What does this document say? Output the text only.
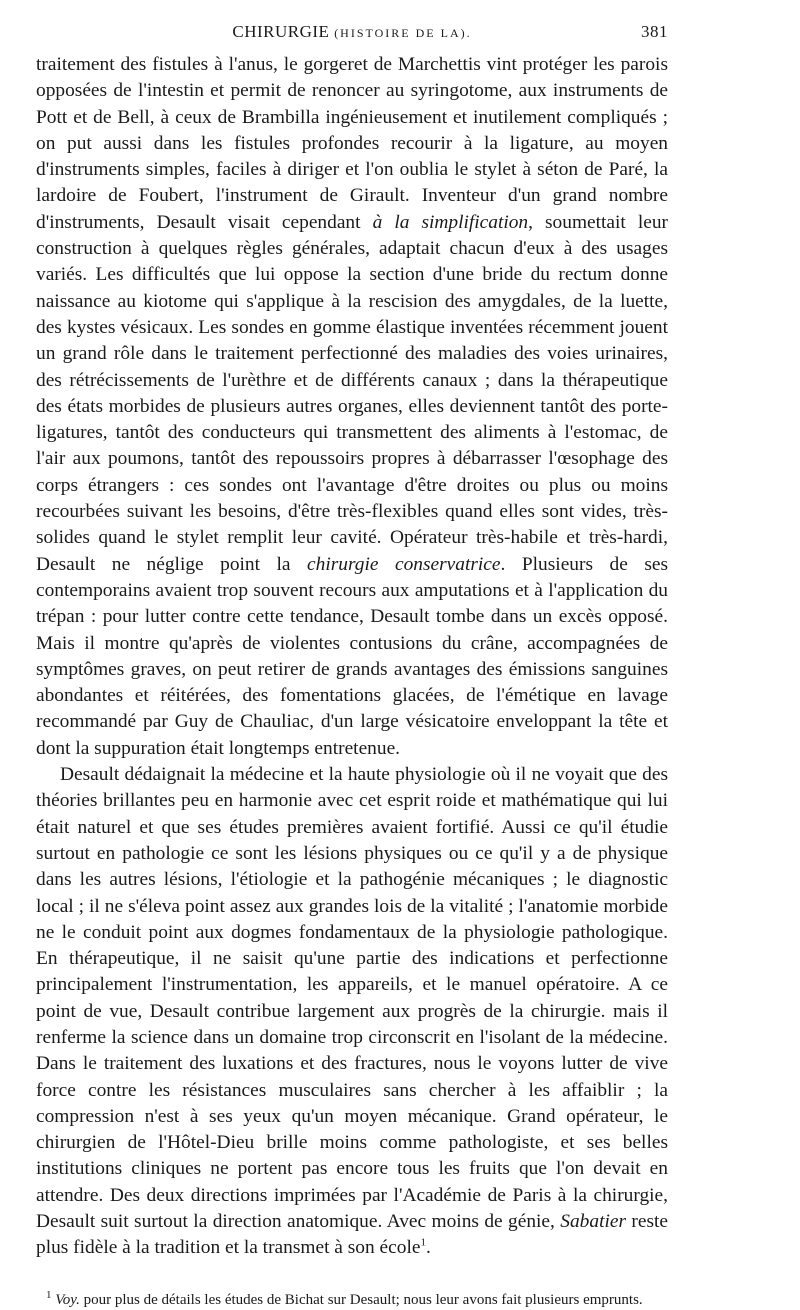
CHIRURGIE (HISTOIRE DE LA).	381

traitement des fistules à l'anus, le gorgeret de Marchettis vint protéger les parois opposées de l'intestin et permit de renoncer au syringotome, aux instruments de Pott et de Bell, à ceux de Brambilla ingénieusement et inutilement compliqués ; on put aussi dans les fistules profondes recourir à la ligature, au moyen d'instruments simples, faciles à diriger et l'on oublia le stylet à séton de Paré, la lardoire de Foubert, l'instrument de Girault. Inventeur d'un grand nombre d'instruments, Desault visait cependant à la simplification, soumettait leur construction à quelques règles générales, adaptait chacun d'eux à des usages variés. Les difficultés que lui oppose la section d'une bride du rectum donne naissance au kiotome qui s'applique à la rescision des amygdales, de la luette, des kystes vésicaux. Les sondes en gomme élastique inventées récemment jouent un grand rôle dans le traitement perfectionné des maladies des voies urinaires, des rétrécissements de l'urèthre et de différents canaux ; dans la thérapeutique des états morbides de plusieurs autres organes, elles deviennent tantôt des porte-ligatures, tantôt des conducteurs qui transmettent des aliments à l'estomac, de l'air aux poumons, tantôt des repoussoirs propres à débarrasser l'œsophage des corps étrangers : ces sondes ont l'avantage d'être droites ou plus ou moins recourbées suivant les besoins, d'être très-flexibles quand elles sont vides, très-solides quand le stylet remplit leur cavité. Opérateur très-habile et très-hardi, Desault ne néglige point la chirurgie conservatrice. Plusieurs de ses contemporains avaient trop souvent recours aux amputations et à l'application du trépan : pour lutter contre cette tendance, Desault tombe dans un excès opposé. Mais il montre qu'après de violentes contusions du crâne, accompagnées de symptômes graves, on peut retirer de grands avantages des émissions sanguines abondantes et réitérées, des fomentations glacées, de l'émétique en lavage recommandé par Guy de Chauliac, d'un large vésicatoire enveloppant la tête et dont la suppuration était longtemps entretenue.

Desault dédaignait la médecine et la haute physiologie où il ne voyait que des théories brillantes peu en harmonie avec cet esprit roide et mathématique qui lui était naturel et que ses études premières avaient fortifié. Aussi ce qu'il étudie surtout en pathologie ce sont les lésions physiques ou ce qu'il y a de physique dans les autres lésions, l'étiologie et la pathogénie mécaniques ; le diagnostic local ; il ne s'éleva point assez aux grandes lois de la vitalité ; l'anatomie morbide ne le conduit point aux dogmes fondamentaux de la physiologie pathologique. En thérapeutique, il ne saisit qu'une partie des indications et perfectionne principalement l'instrumentation, les appareils, et le manuel opératoire. A ce point de vue, Desault contribue largement aux progrès de la chirurgie. mais il renferme la science dans un domaine trop circonscrit en l'isolant de la médecine. Dans le traitement des luxations et des fractures, nous le voyons lutter de vive force contre les résistances musculaires sans chercher à les affaiblir ; la compression n'est à ses yeux qu'un moyen mécanique. Grand opérateur, le chirurgien de l'Hôtel-Dieu brille moins comme pathologiste, et ses belles institutions cliniques ne portent pas encore tous les fruits que l'on devait en attendre. Des deux directions imprimées par l'Académie de Paris à la chirurgie, Desault suit surtout la direction anatomique. Avec moins de génie, Sabatier reste plus fidèle à la tradition et la transmet à son école$^1$.

$^1$ Voy. pour plus de détails les études de Bichat sur Desault; nous leur avons fait plusieurs emprunts.
